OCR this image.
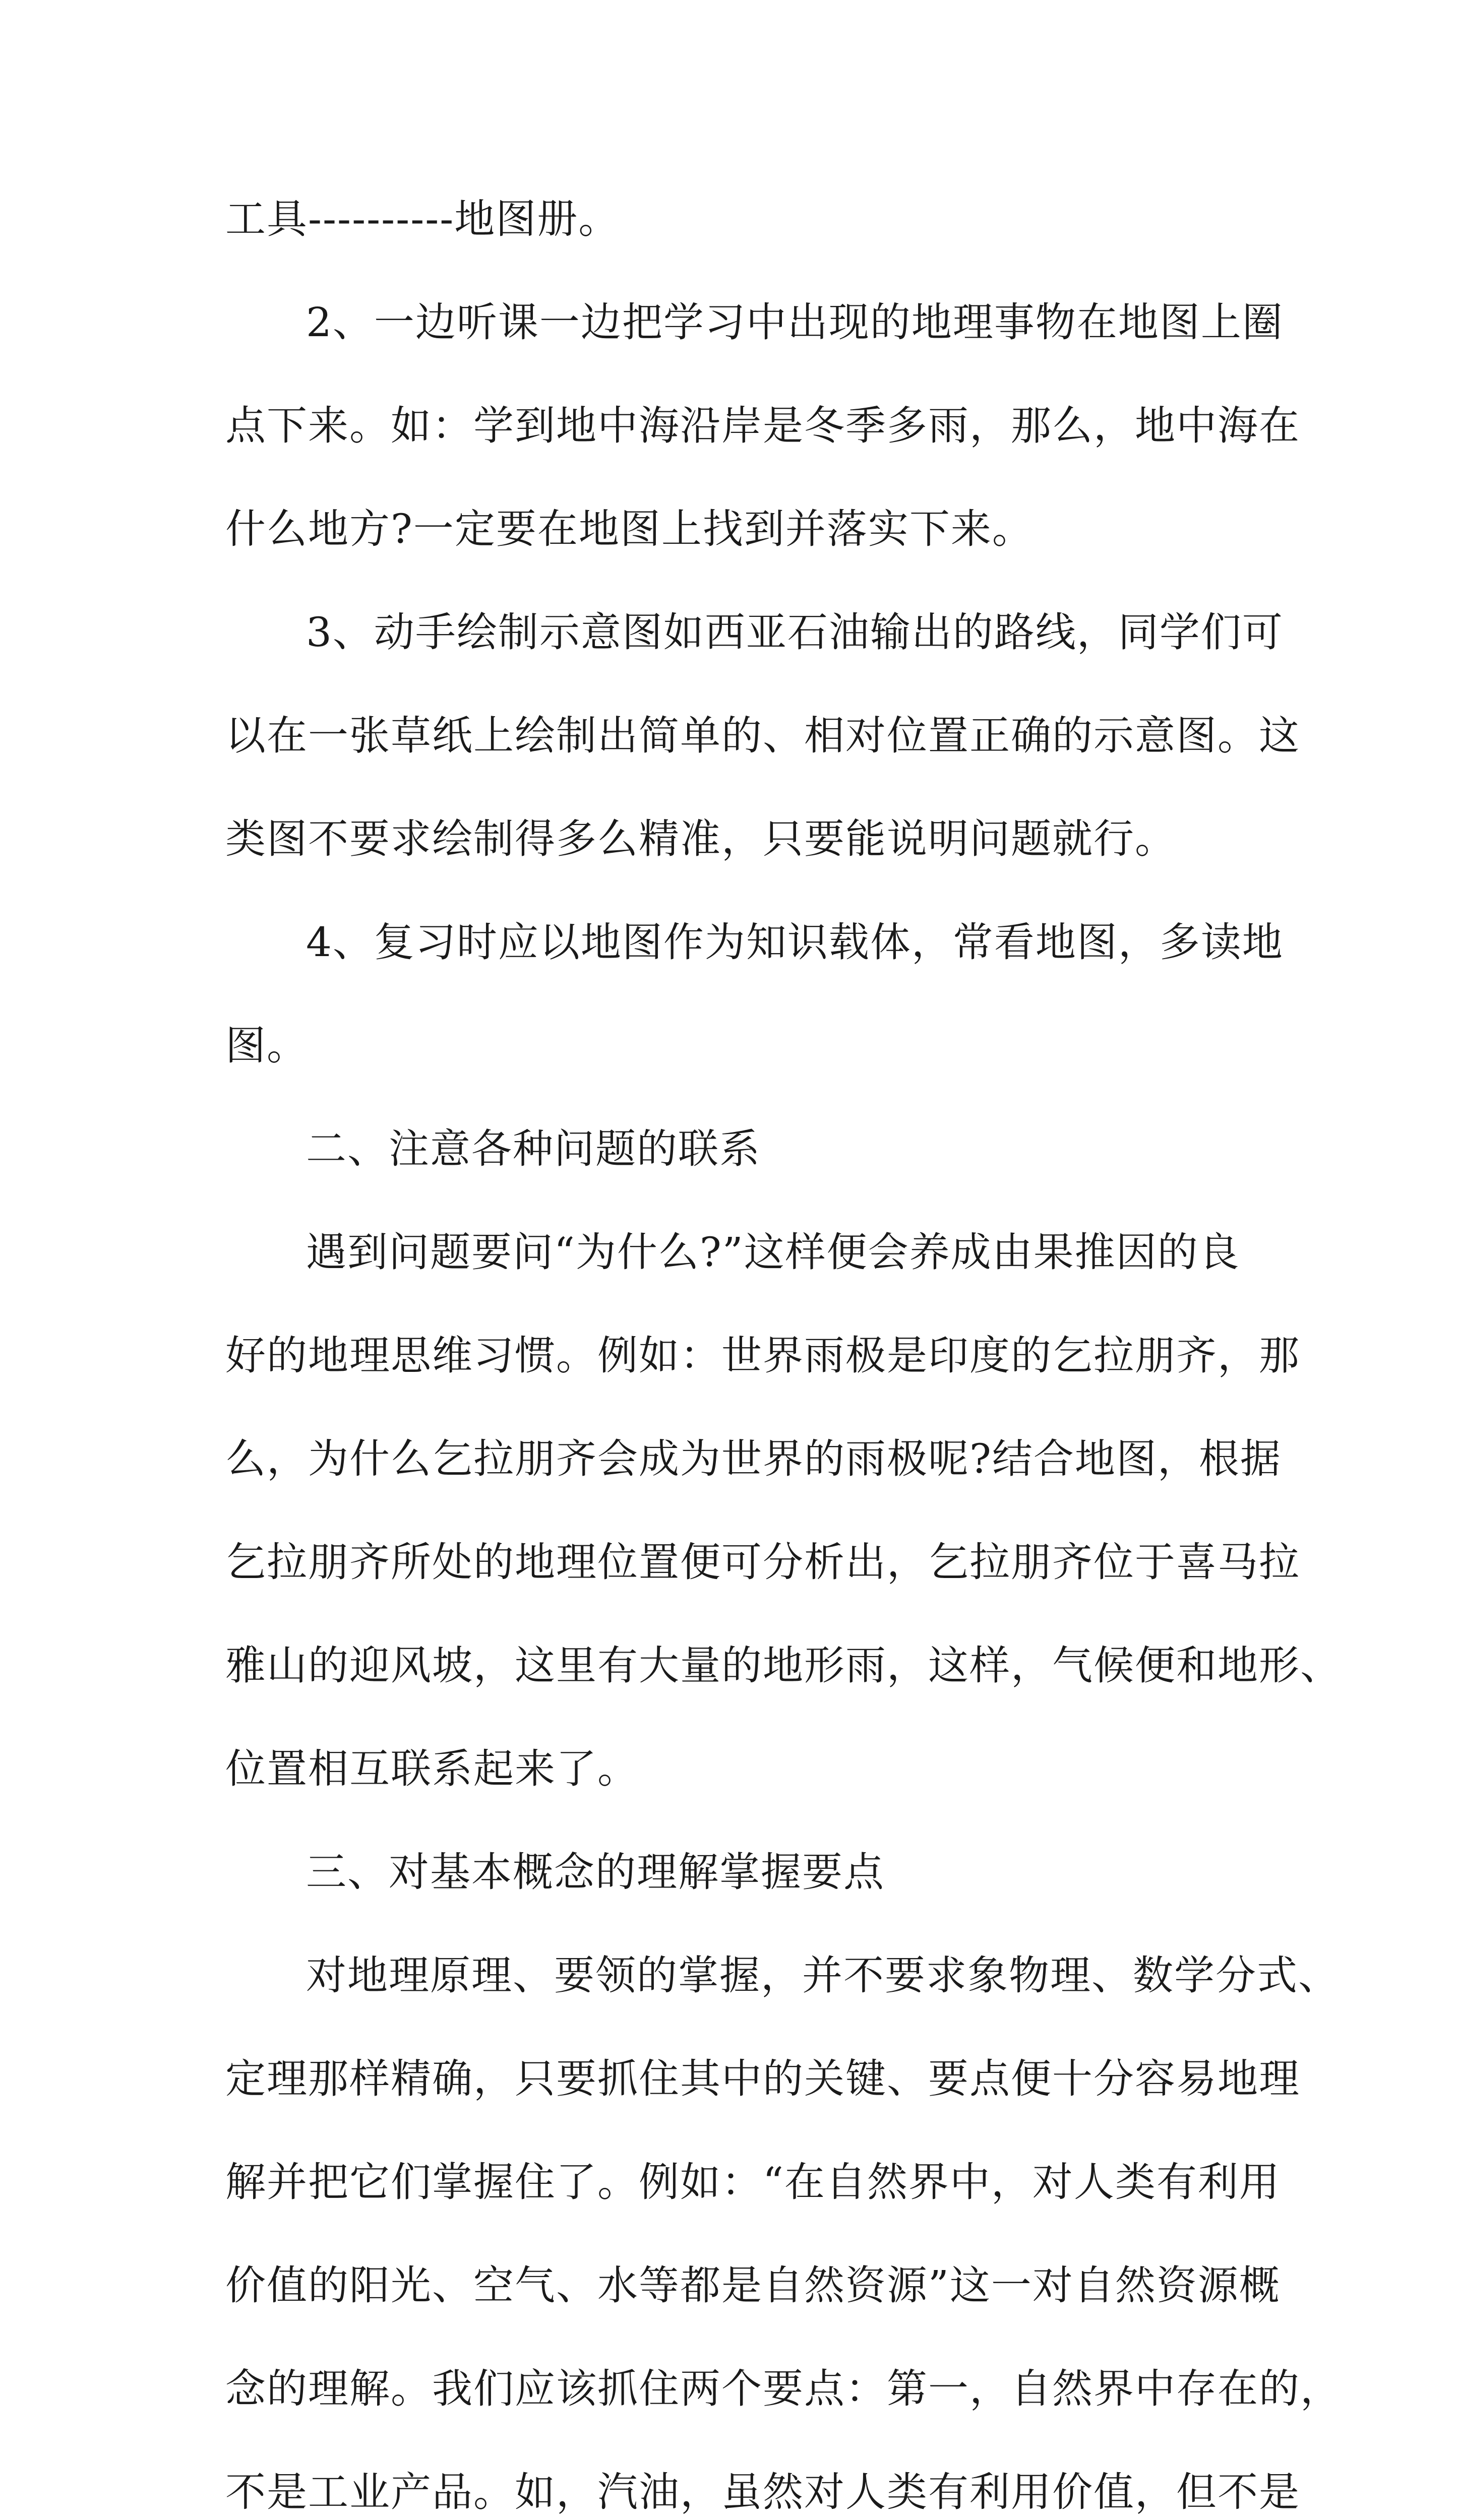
工具----------地图册。
2、一边听课一边把学习中出现的地理事物在地图上圈
点下来。如：学到地中海沿岸是冬季多雨，那么，地中海在
什么地方?一定要在地图上找到并落实下来。
3、动手绘制示意图如西亚石油输出的路线，同学们可
以在一张草纸上绘制出简单的、相对位置正确的示意图。这
类图不要求绘制得多么精准，只要能说明问题就行。
4、复习时应以地图作为知识载体，常看地图，多读地
图。
二、注意各种问题的联系
遇到问题要问“为什么?”这样便会养成由果推因的良
好的地理思维习惯。例如：世界雨极是印度的乞拉朋齐，那
么，为什么乞拉朋齐会成为世界的雨极呢?结合地图，根据
乞拉朋齐所处的地理位置便可分析出，乞拉朋齐位于喜马拉
雅山的迎风坡，这里有大量的地形雨，这样，气候便和地形、
位置相互联系起来了。
三、对基本概念的理解掌握要点
对地理原理、要领的掌握，并不要求象物理、数学分式、
定理那样精确，只要抓住其中的关键、要点便十分容易地理
解并把它们掌握住了。例如：“在自然界中，对人类有利用
价值的阳光、空气、水等都是自然资源”这一对自然资源概
念的理解。我们应该抓住两个要点：第一，自然界中存在的，
不是工业产品。如，汽油，虽然对人类有利用价值，但不是
